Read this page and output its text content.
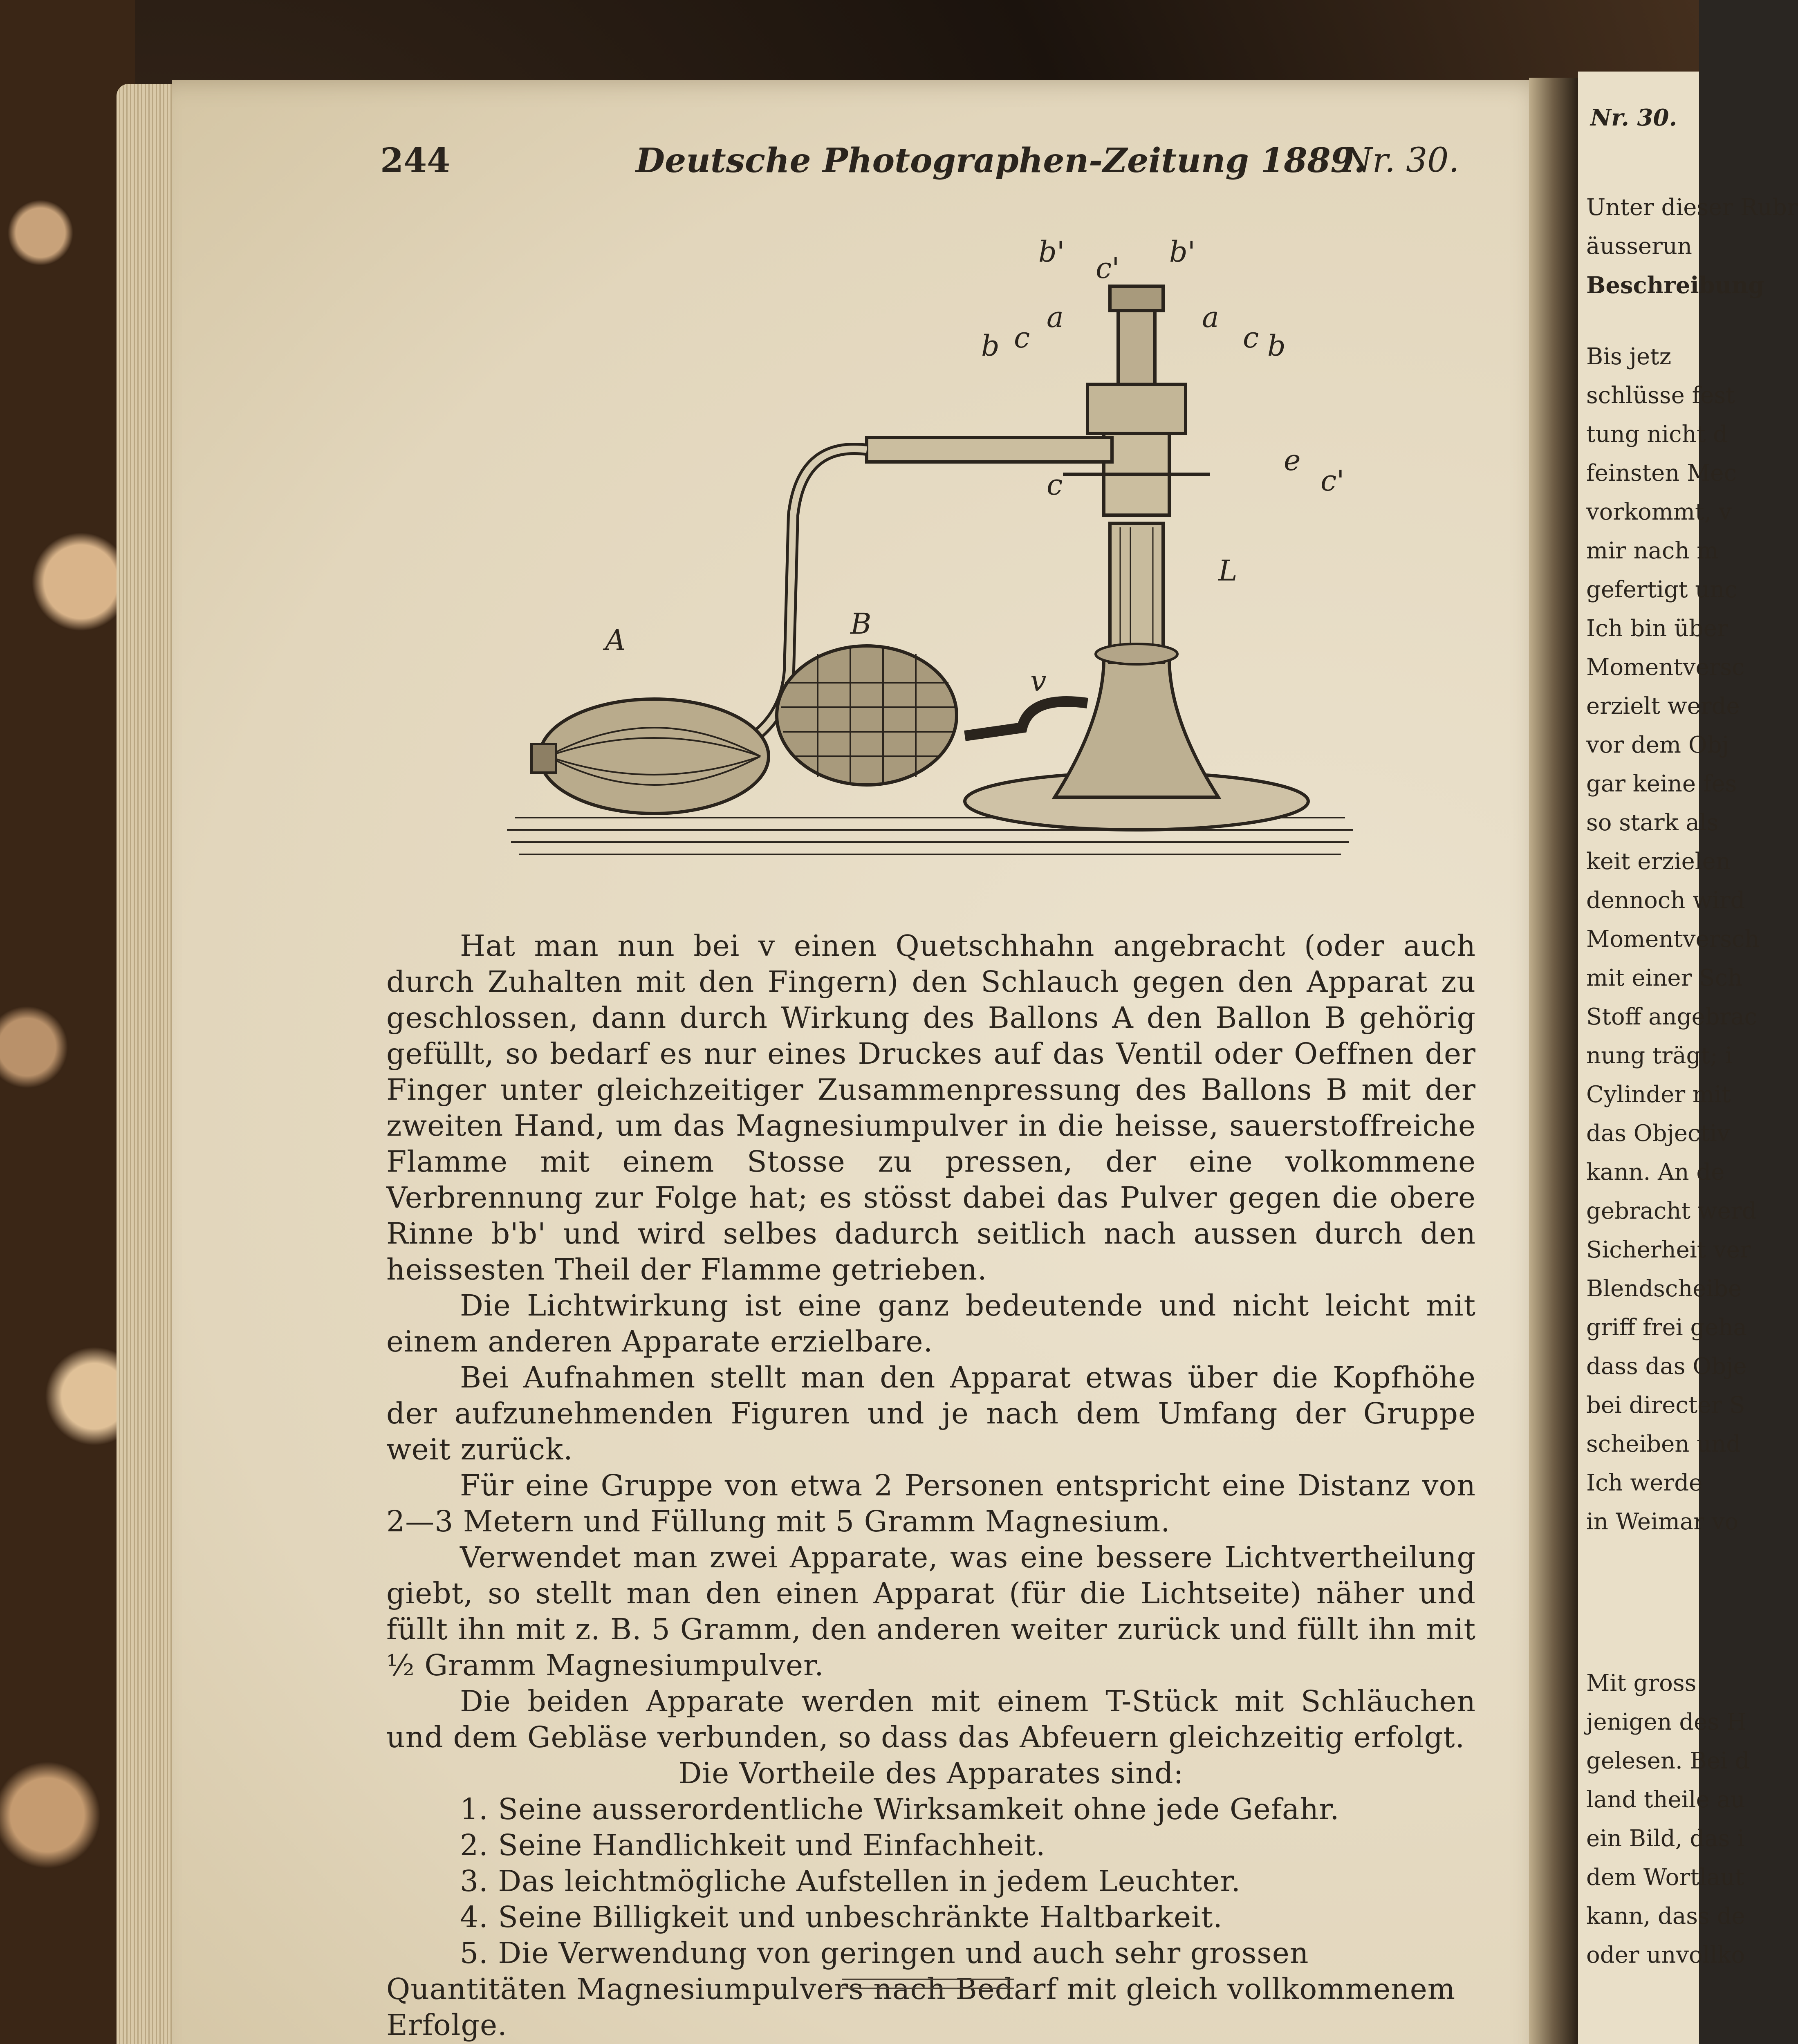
Nr. 30.
Unter dieser Rubr
äusserun
Beschreibung
Bis jetz
schlüsse fest
tung nicht d
feinsten Mec
vorkommt, v
mir nach m
gefertigt unc
Ich bin über
Momentversc
erzielt werde
vor dem Obj
gar keine fes
so stark als
keit erzielen
dennoch wird
Momentversch
mit einer Sch
Stoff angebrac
nung trägt; i
Cylinder mit
das Objectiv
kann. An de
gebracht werd
Sicherheit ver
Blendscheibe
griff frei geha
dass das Obje
bei directer S
scheiben und
Ich werde
in Weimar vo
Mit gross
jenigen des H
gelesen. Bei d
land theile au
ein Bild, das i
dem Wortlaut
kann, dass de
oder unvollko
244	Deutsche Photographen-Zeitung 1889.
Nr. 30.
A	B
L
v
b' c' b'
a	a
b c	c b
e
c	c'

Hat man nun bei v einen Quetschhahn angebracht (oder auch durch Zuhalten mit den Fingern) den Schlauch gegen den Apparat zu geschlossen, dann durch Wirkung des Ballons A den Ballon B gehörig gefüllt, so bedarf es nur eines Druckes auf das Ventil oder Oeffnen der Finger unter gleichzeitiger Zusammenpressung des Ballons B mit der zweiten Hand, um das Magnesiumpulver in die heisse, sauerstoffreiche Flamme mit einem Stosse zu pressen, der eine volkommene Verbrennung zur Folge hat; es stösst dabei das Pulver gegen die obere Rinne b'b' und wird selbes dadurch seitlich nach aussen durch den heissesten Theil der Flamme getrieben.

Die Lichtwirkung ist eine ganz bedeutende und nicht leicht mit einem anderen Apparate erzielbare.

Bei Aufnahmen stellt man den Apparat etwas über die Kopfhöhe der aufzunehmenden Figuren und je nach dem Umfang der Gruppe weit zurück.

Für eine Gruppe von etwa 2 Personen entspricht eine Distanz von 2—3 Metern und Füllung mit 5 Gramm Magnesium.

Verwendet man zwei Apparate, was eine bessere Lichtvertheilung giebt, so stellt man den einen Apparat (für die Lichtseite) näher und füllt ihn mit z. B. 5 Gramm, den anderen weiter zurück und füllt ihn mit ½ Gramm Magnesiumpulver.

Die beiden Apparate werden mit einem T-Stück mit Schläuchen und dem Gebläse verbunden, so dass das Abfeuern gleichzeitig erfolgt.

Die Vortheile des Apparates sind:
1. Seine ausserordentliche Wirksamkeit ohne jede Gefahr.
2. Seine Handlichkeit und Einfachheit.
3. Das leichtmögliche Aufstellen in jedem Leuchter.
4. Seine Billigkeit und unbeschränkte Haltbarkeit.
5. Die Verwendung von geringen und auch sehr grossen Quantitäten Magnesiumpulvers nach Bedarf mit gleich vollkommenem Erfolge.
